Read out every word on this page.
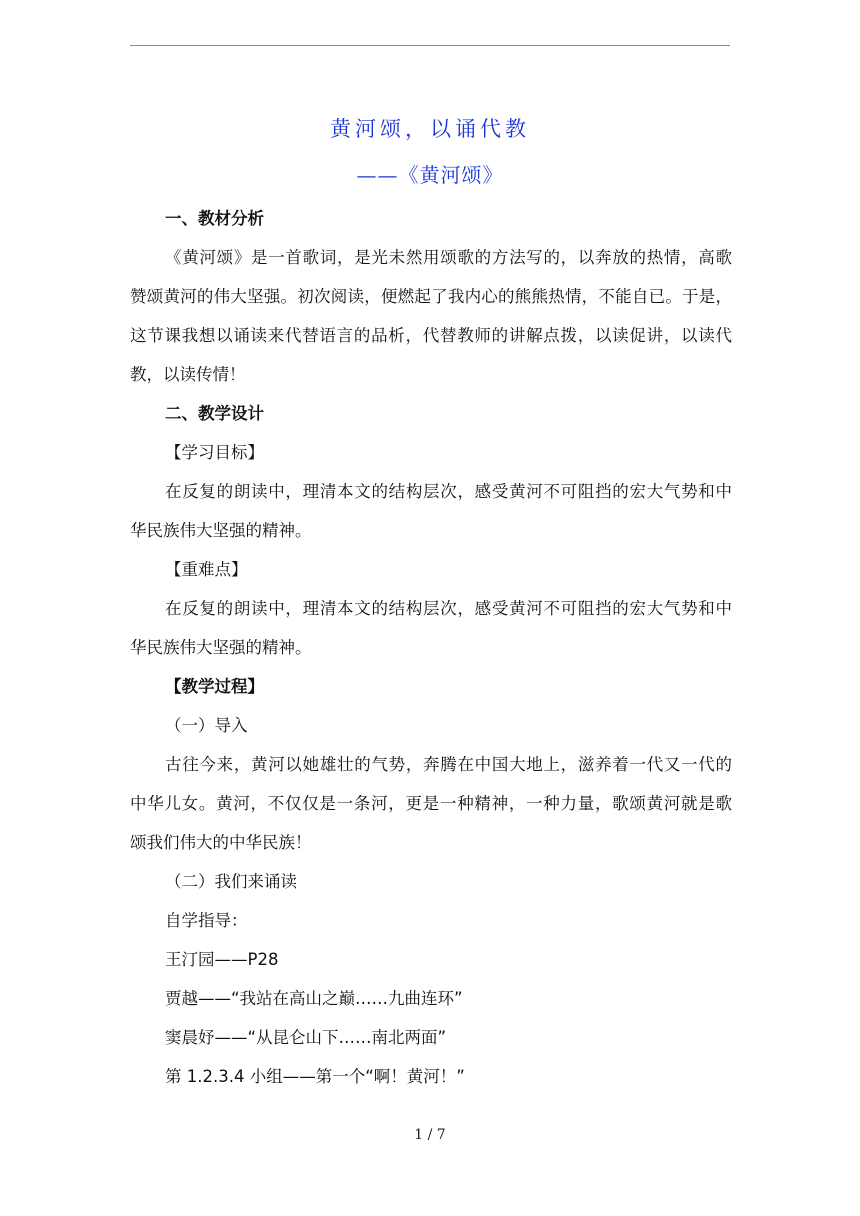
黄河颂，以诵代教
——《黄河颂》
一、教材分析
《黄河颂》是一首歌词，是光未然用颂歌的方法写的，以奔放的热情，高歌
赞颂黄河的伟大坚强。初次阅读，便燃起了我内心的熊熊热情，不能自已。于是，
这节课我想以诵读来代替语言的品析，代替教师的讲解点拨，以读促讲，以读代
教，以读传情！
二、教学设计
【学习目标】
在反复的朗读中，理清本文的结构层次，感受黄河不可阻挡的宏大气势和中
华民族伟大坚强的精神。
【重难点】
在反复的朗读中，理清本文的结构层次，感受黄河不可阻挡的宏大气势和中
华民族伟大坚强的精神。
【教学过程】
（一）导入
古往今来，黄河以她雄壮的气势，奔腾在中国大地上，滋养着一代又一代的
中华儿女。黄河，不仅仅是一条河，更是一种精神，一种力量，歌颂黄河就是歌
颂我们伟大的中华民族！
（二）我们来诵读
自学指导：
王汀园——P28
贾越——“我站在高山之巅……九曲连环”
窦晨妤——“从昆仑山下……南北两面”
第 1.2.3.4 小组——第一个“啊！黄河！”
1 / 7
